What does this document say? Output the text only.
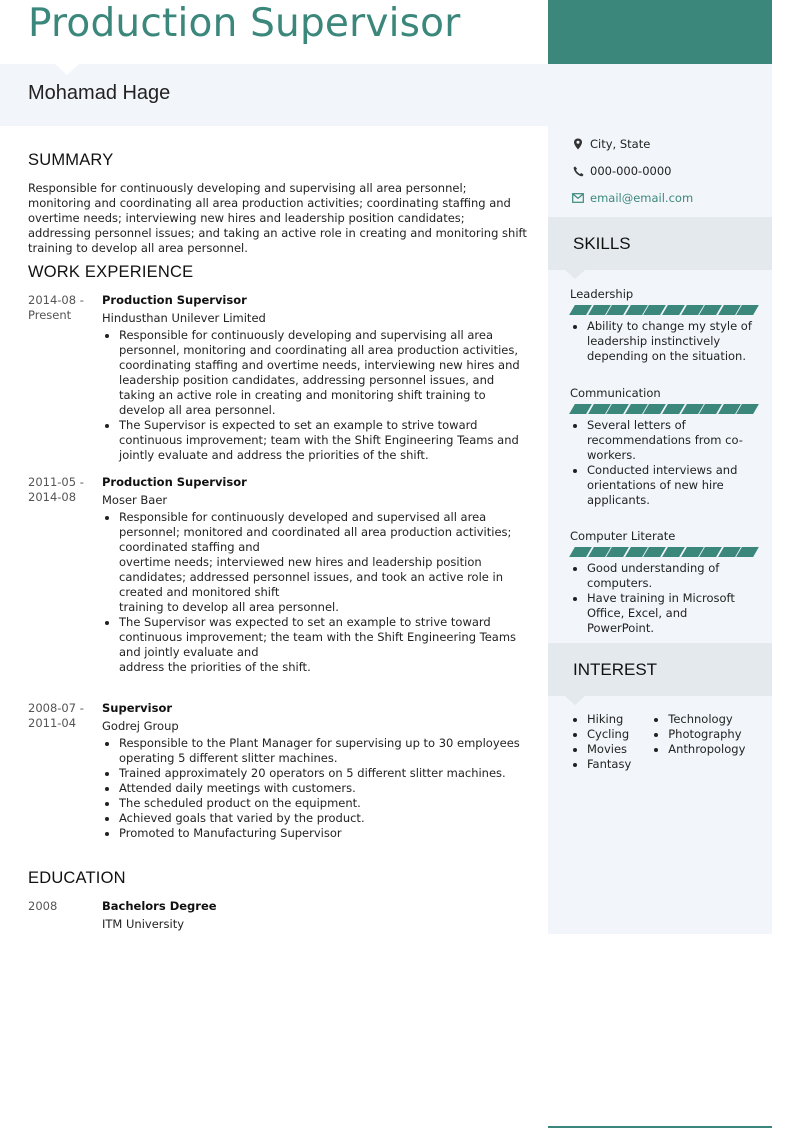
Production Supervisor
Mohamad Hage
City, State
000-000-0000
email@email.com
SKILLS
Leadership
• Ability to change my style of leadership instinctively depending on the situation.
Communication
• Several letters of recommendations from co-workers.
• Conducted interviews and orientations of new hire applicants.
Computer Literate
• Good understanding of computers.
• Have training in Microsoft Office, Excel, and PowerPoint.
INTEREST
• Hiking
• Cycling
• Movies
• Fantasy
• Technology
• Photography
• Anthropology
SUMMARY
Responsible for continuously developing and supervising all area personnel; monitoring and coordinating all area production activities; coordinating staffing and overtime needs; interviewing new hires and leadership position candidates; addressing personnel issues; and taking an active role in creating and monitoring shift training to develop all area personnel.
WORK EXPERIENCE
2014-08 - Present
Production Supervisor
Hindusthan Unilever Limited
• Responsible for continuously developing and supervising all area personnel, monitoring and coordinating all area production activities, coordinating staffing and overtime needs, interviewing new hires and leadership position candidates, addressing personnel issues, and taking an active role in creating and monitoring shift training to develop all area personnel.
• The Supervisor is expected to set an example to strive toward continuous improvement; team with the Shift Engineering Teams and jointly evaluate and address the priorities of the shift.
2011-05 - 2014-08
Production Supervisor
Moser Baer
• Responsible for continuously developed and supervised all area personnel; monitored and coordinated all area production activities; coordinated staffing and
overtime needs; interviewed new hires and leadership position candidates; addressed personnel issues, and took an active role in created and monitored shift
training to develop all area personnel.
• The Supervisor was expected to set an example to strive toward continuous improvement; the team with the Shift Engineering Teams and jointly evaluate and
address the priorities of the shift.
2008-07 - 2011-04
Supervisor
Godrej Group
• Responsible to the Plant Manager for supervising up to 30 employees operating 5 different slitter machines.
• Trained approximately 20 operators on 5 different slitter machines.
• Attended daily meetings with customers.
• The scheduled product on the equipment.
• Achieved goals that varied by the product.
• Promoted to Manufacturing Supervisor
EDUCATION
2008	Bachelors Degree
ITM University
